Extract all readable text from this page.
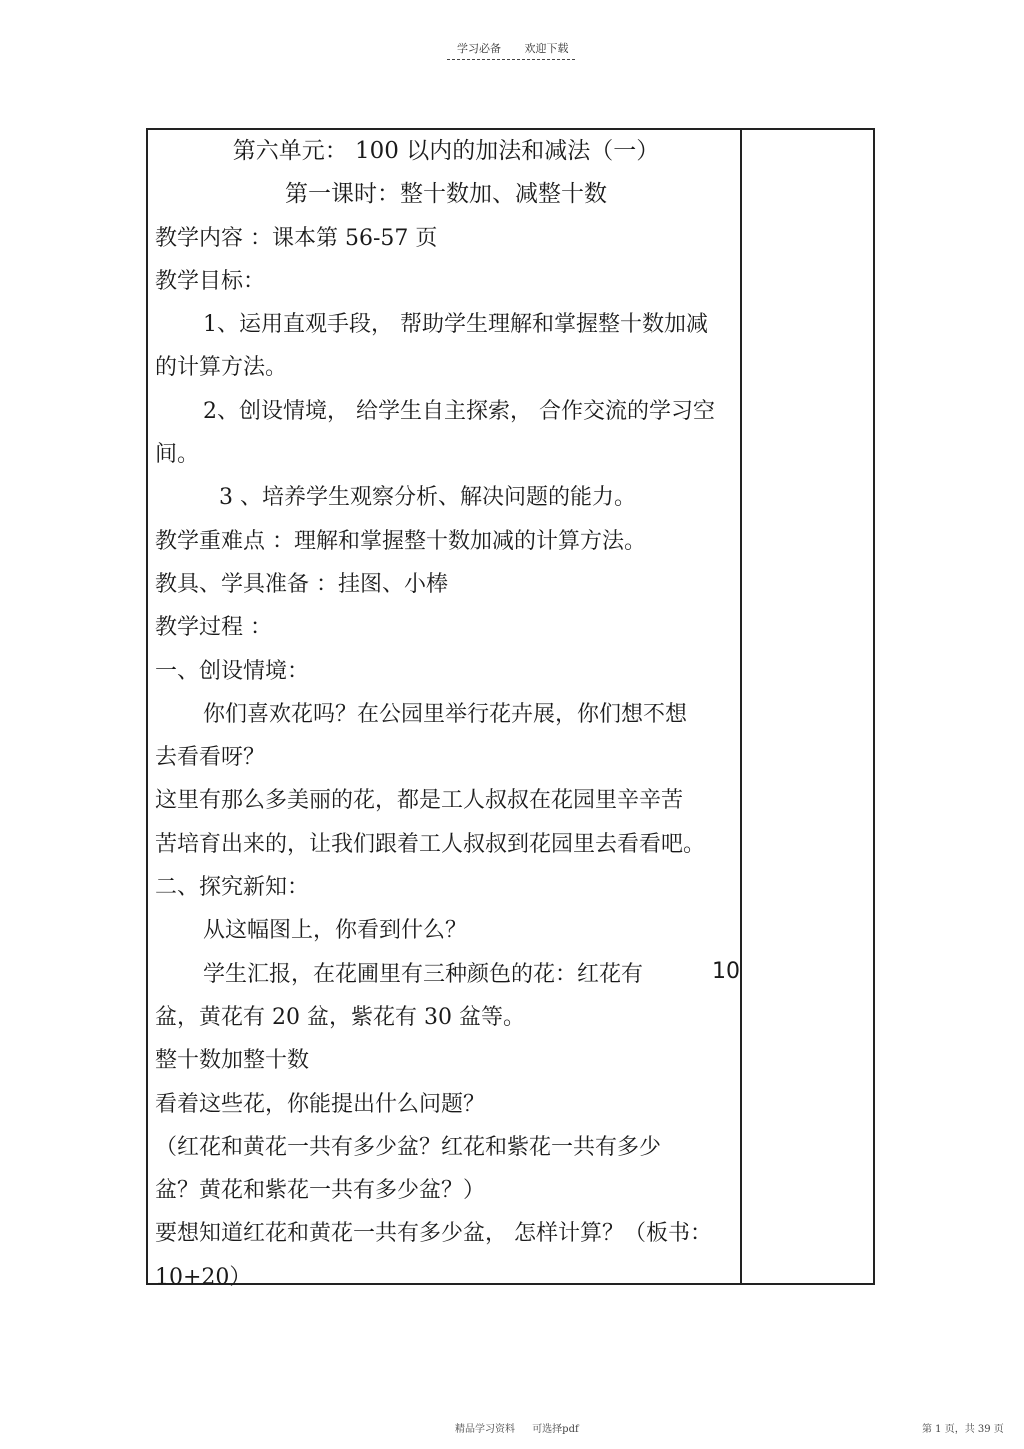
学习必备 欢迎下载
第六单元： 100 以内的加法和减法（一）
第一课时：整十数加、减整十数
教学内容 ：课本第 56-57 页
教学目标：
1、运用直观手段， 帮助学生理解和掌握整十数加减
的计算方法。
2、创设情境， 给学生自主探索， 合作交流的学习空
间。
3 、培养学生观察分析、解决问题的能力。
教学重难点 ：理解和掌握整十数加减的计算方法。
教具、学具准备 ：挂图、小棒
教学过程 ：
一、创设情境：
你们喜欢花吗？在公园里举行花卉展，你们想不想
去看看呀？
这里有那么多美丽的花，都是工人叔叔在花园里辛辛苦
苦培育出来的，让我们跟着工人叔叔到花园里去看看吧。
二、探究新知：
从这幅图上，你看到什么？
学生汇报，在花圃里有三种颜色的花：红花有
盆，黄花有 20 盆，紫花有 30 盆等。
整十数加整十数
看着这些花，你能提出什么问题？
（红花和黄花一共有多少盆？红花和紫花一共有多少
盆？黄花和紫花一共有多少盆？）
要想知道红花和黄花一共有多少盆， 怎样计算？（板书：
10+20）
10
精品学习资料 可选择pdf	第 1 页，共 39 页
